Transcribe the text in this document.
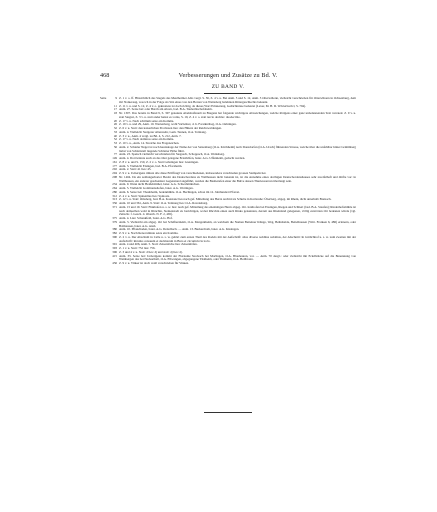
468	Verbesserungen und Zusätze zu Bd. V.
ZU BAND V.
Seite	9 Z. 1 v. o. ff. Hinsichtlich des Siegels des Meulhermer Abts vergl. S. 56, Z. 4 v. u. Bei Anm. 5 und S. 12, Anm. 3 Otterwihonn, vielleicht verschrieben für Otterwihonn in Ochsenburg, dem Ort Notkeraug, was ich in der Folge als Sitz eines von den Herren von Weinsberg belehnten Rittergeschlechts bekannt.
11 Z. 11 v. u. und S. 12, Z. 4 v. o. geknottete ist doch richtig, da dieses Wort Erinnerung, Gedächtnisse bedeutet (Lexer, M. H. D. Wörterbuch I, S. 794).
17 Anm. 27. Setze bei: oder Burch am Aborn, bad. B.A. Tauberbischofsheim.
18 Nr. 1307. Das bereits in Band 9, S. 307 genannte Abelshofinanlt zu Bregenz hat folgende wichtigere Abweichungen, welche übrigens einer ganz unbedeutenden Text verraten: Z. 9 v. u. statt Siegrei, Z. 3 v. u. statt ander heisst es: reins, S. 19, Z. 4 v. o. statt tercio decimo: duodecimo.
20 Z. 17 v. u. Nach schilium setze ein Komma.
26 Z. 19 v. u. und 29, Anm. 10. Wertenberg, wohl Vorbehrer, d. h. Forstknöbeg, O.A. Oehringen.
32 Z. 6 v. u. Statt: den kaiserlichen Provinzen lies: den Hütern der Reichswaldungen.
33 Anm. 4. Vielleicht Steigerer Altenwehr, Gem. Tannen, O.A. Tettnang.
40 Z. 3 v. u., Anm. 4 vergl. zu Bd. 4, S. 212, Anm. 7.
52 Z. 17 v. u. Nach dominos setze ein Komma.
53 Z. 10 v. u., Anm. 14. Streiche das Fragezeichen.
56 Anm. 2. Schieler Neger ist noch heutzutage der Name der von Satzenberg (O.A. Kirchheim) nach Donzdorfen (O.A. Urach) führenden Strasse, welche über die unfehlbar hinter Grimmberg liebst von Schlattstall liegende Schlatter Höhe führt.
77 Anm. 23. Speisch vielleicht verschrieben für Siegasch, Schoppach, O.A. Weinsberg.
149 Anm. 4. Dort könnte auch an das älter gelegene Ernsthöfen, baier. A.G. Uffenheim, gedacht werden.
161 Z. 8 v. u. und S. 150, Z. 2 v. o. Statt Gröningen lies: Greningen.
177 Anm. 3. Vielleicht Eisingen, bad. B.A. Pforzheim.
202 Anm. 2. Statt: 41 lies: 45.
204 Z. 9 v. u. Ueberigens rühren alle diese Ertiffnugl von verschiedenen, insbesondere verschieden grossen Stempeln her.
208 Nr. 1464. Da ein zeitlangerhorter Besitz des Deutschordens zu Wallhausen nicht bekannt ist, ist die Annahme eines dorthigen Deutschordenshauses sehr zweifelhaft und dürfte vor: in Wallhausen, ein anderer geschenkter Gegenstand angeführt, werden die Bauberufen einer die Bulve dessen Thuriessonven überlangt sein.
234 Anm. 9. Wenn nicht Heidelsbühel, baier. A.G. Schwabmünchen.
264 Anm. 5. Vielleicht Gottmannshofen, baier. A.G. Wertingen.
280 Anm. 6. Setze bei: Thaubheim, bedenmühle. O.A. Hechingen, schon im 12. Jahrhundert Pfarrei.
312 Z. 4 v. u. Statt: Spinenlius lies: Spinosis.
313 Z. 12 v. u. Statt: Omsberg, bad. B.A. Konstanz lies nach gef. Mitteilung des Herrn Archivrats Schulte in Karlsruhe: Überberg, abgeg. im Rhein, dicht unterhalb Breisach.
356 Anm. 10 und 361, Anm. 9. Statt: O.A. Tettnang lies: O.A. Ravensburg.
371 Anm. 15 und 19. Statt: Finkhofen u. s. w. lies: nach gef. Mitteilung des ehemaligen Herrn abgeg. Ort. Ionthofen bei Ensingen, Riegen und Schliert (bad. B.A. Staufen); Rinderhofsmühle ist nach demselben wohl in Rhnchin, Steinenstadt zu berichtigen, wobei Rhcchin einen auch Rinka genannten, derzeit aus Rheinland gelegenen, völlig zerstörten Ort bedeuten würde (vgl. Zeitschr. f. Gesch. d. Oberrh. N. F. 2, 465).
375 Anm. 4. Lies: Schenkfeld, baier. A.G. Hof.
379 Anm. 5. Vielleicht ein abgeg. Ort bei Schäftersheim, O.A. Mergentheim, an welchem die Namen Betteiner Klinge, Weg, Beihshalde, Bettelhausen (Wirt. Franken 6, 486) erinnern, oder Bobhausen, baier. A.G. Ansb.
380 Anm. 10. Pflanzbaden, baier. A.G. Dettelbach. — Anm. 13. Burkardroth, baier. A.G. Kissingen.
382 Z. 9 v. u. Nach Renovaminie setze ein Komma.
390 Z. 2 v. u. Der Abschnitt in Celle u. s. w. gehört zum ersten Theil des Rodels mit der Aufschrift: alias diverse redditus redalitus, der Abschnitt: In Gärlichhof u. s. w. zum zweiten mit der Aufschrift: Rotulus censuum et decimarum in Bura et circumcircia locis.
391 Anm. 4 und 406, Anm. 5. Statt: Zeisenlöche lies: Zeisenhöfen.
393 Z. 1 v. u. Statt: 752 lies: 756.
396 Z. 3 und 4 v. u. Statt: d lies: dj und statt: dj lies: dj.
415 Anm. 33. Setze bei: Ueberigens kommt der Flurname Stockach bei Morlingen, O.A. Blaubeuren, vor. — Anm. 70 desgl.: oder vielleicht mit Eckdbrücke auf die Benennung von Weinbergen das bei Neckarthall, O.A. Ellwangen, abgegangene Thalheim, oder Thalheim, O.A. Heilbronn.
456 Z. 9 v. u. Vinker ist doch wohl verschrieben für Vinken.
